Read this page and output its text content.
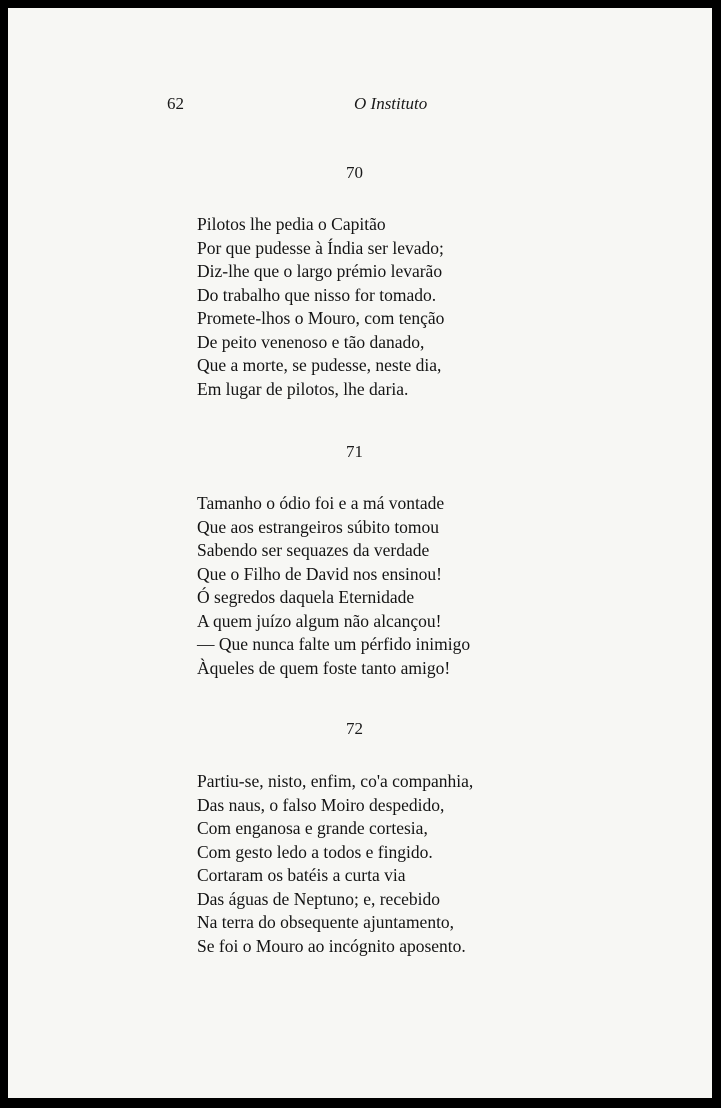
62	O Instituto
70
Pilotos lhe pedia o Capitão
Por que pudesse à Índia ser levado;
Diz-lhe que o largo prémio levarão
Do trabalho que nisso for tomado.
Promete-lhos o Mouro, com tenção
De peito venenoso e tão danado,
Que a morte, se pudesse, neste dia,
Em lugar de pilotos, lhe daria.
71
Tamanho o ódio foi e a má vontade
Que aos estrangeiros súbito tomou
Sabendo ser sequazes da verdade
Que o Filho de David nos ensinou!
Ó segredos daquela Eternidade
A quem juízo algum não alcançou!
— Que nunca falte um pérfido inimigo
Àqueles de quem foste tanto amigo!
72
Partiu-se, nisto, enfim, co'a companhia,
Das naus, o falso Moiro despedido,
Com enganosa e grande cortesia,
Com gesto ledo a todos e fingido.
Cortaram os batéis a curta via
Das águas de Neptuno; e, recebido
Na terra do obsequente ajuntamento,
Se foi o Mouro ao incógnito aposento.
